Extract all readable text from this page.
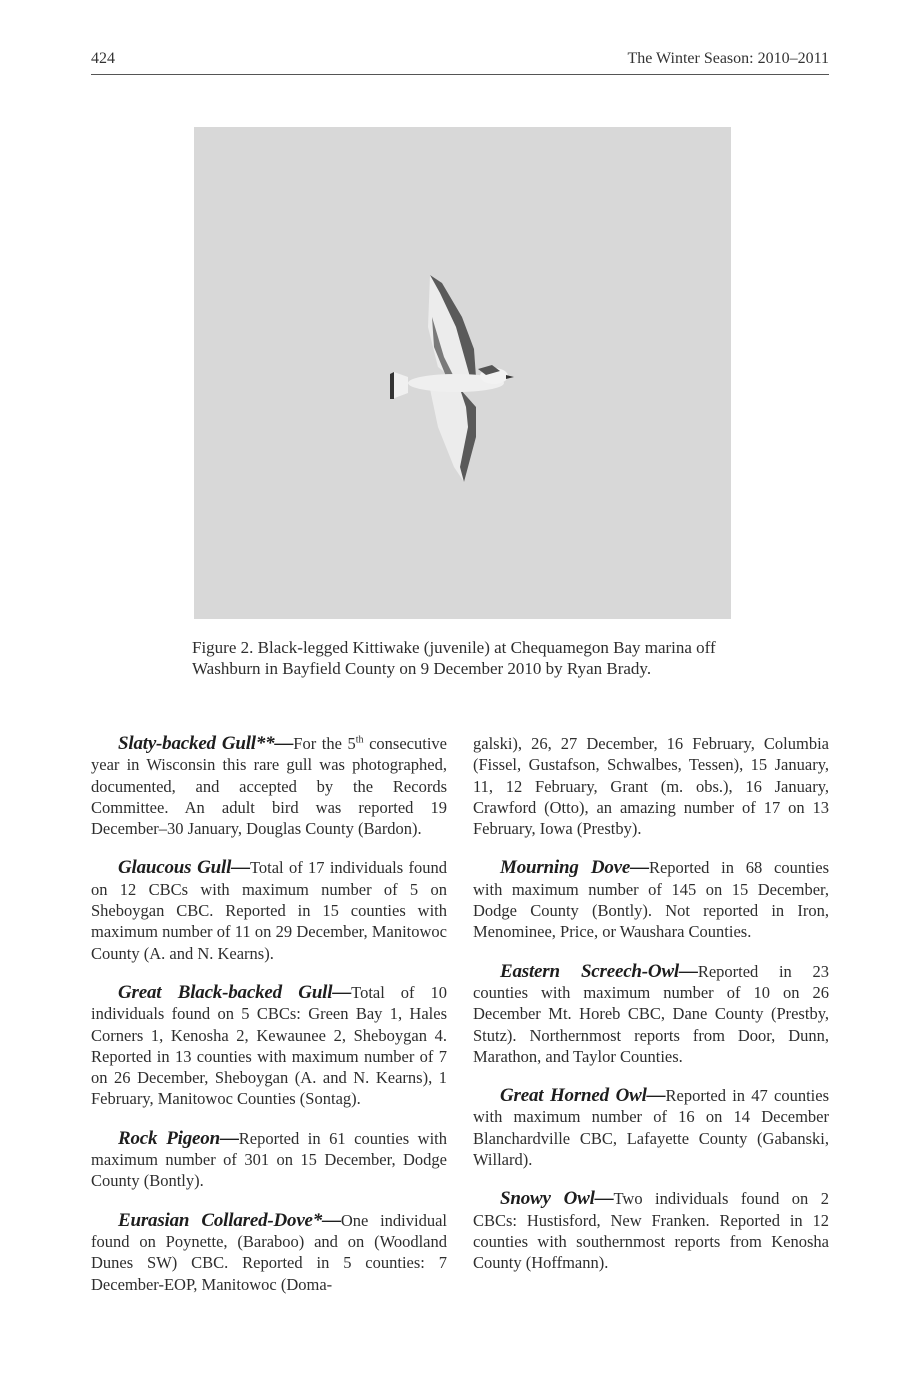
424	The Winter Season: 2010–2011
Figure 2. Black-legged Kittiwake (juvenile) at Chequamegon Bay marina off Washburn in Bayfield County on 9 December 2010 by Ryan Brady.

Slaty-backed Gull**—For the 5th consecutive year in Wisconsin this rare gull was photographed, documented, and accepted by the Records Committee. An adult bird was reported 19 December–30 January, Douglas County (Bardon).

Glaucous Gull—Total of 17 individuals found on 12 CBCs with maximum number of 5 on Sheboygan CBC. Reported in 15 counties with maximum number of 11 on 29 December, Manitowoc County (A. and N. Kearns).

Great Black-backed Gull—Total of 10 individuals found on 5 CBCs: Green Bay 1, Hales Corners 1, Kenosha 2, Kewaunee 2, Sheboygan 4. Reported in 13 counties with maximum number of 7 on 26 December, Sheboygan (A. and N. Kearns), 1 February, Manitowoc Counties (Sontag).

Rock Pigeon—Reported in 61 counties with maximum number of 301 on 15 December, Dodge County (Bontly).

Eurasian Collared-Dove*—One individual found on Poynette, (Baraboo) and on (Woodland Dunes SW) CBC. Reported in 5 counties: 7 December-EOP, Manitowoc (Doma-

galski), 26, 27 December, 16 February, Columbia (Fissel, Gustafson, Schwalbes, Tessen), 15 January, 11, 12 February, Grant (m. obs.), 16 January, Crawford (Otto), an amazing number of 17 on 13 February, Iowa (Prestby).

Mourning Dove—Reported in 68 counties with maximum number of 145 on 15 December, Dodge County (Bontly). Not reported in Iron, Menominee, Price, or Waushara Counties.

Eastern Screech-Owl—Reported in 23 counties with maximum number of 10 on 26 December Mt. Horeb CBC, Dane County (Prestby, Stutz). Northernmost reports from Door, Dunn, Marathon, and Taylor Counties.

Great Horned Owl—Reported in 47 counties with maximum number of 16 on 14 December Blanchardville CBC, Lafayette County (Gabanski, Willard).

Snowy Owl—Two individuals found on 2 CBCs: Hustisford, New Franken. Reported in 12 counties with southernmost reports from Kenosha County (Hoffmann).
